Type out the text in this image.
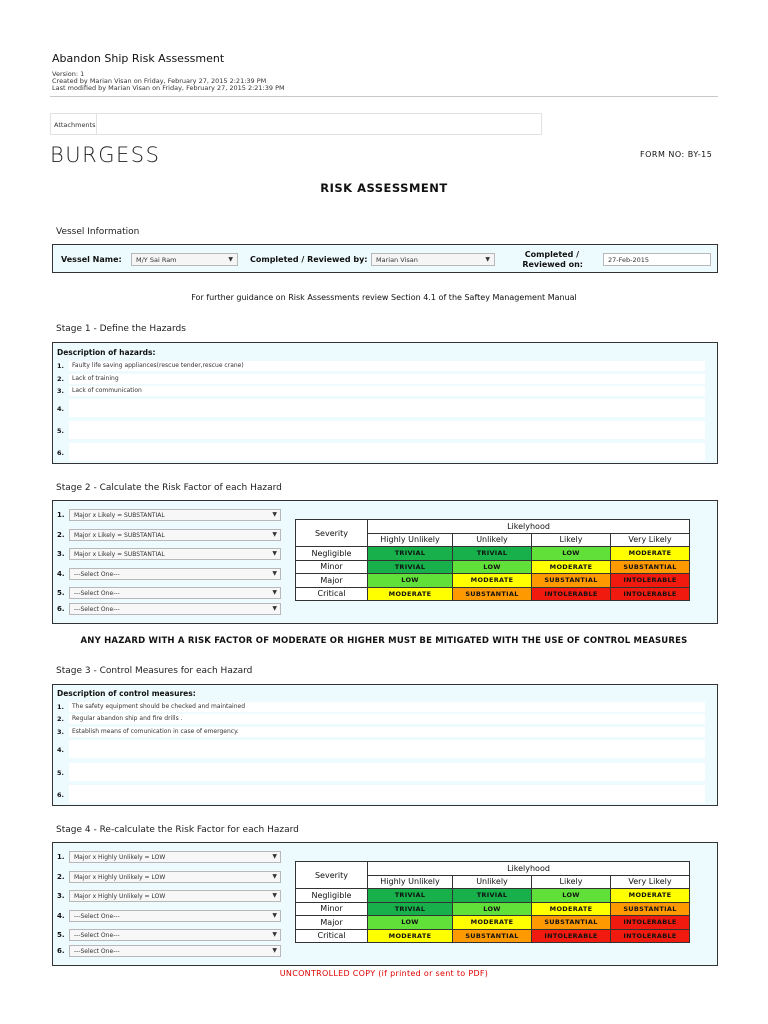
Abandon Ship Risk Assessment
Version: 1
Created by Marian Visan on Friday, February 27, 2015 2:21:39 PM
Last modified by Marian Visan on Friday, February 27, 2015 2:21:39 PM
Attachments
BURGESS	FORM NO: BY-15
RISK ASSESSMENT
Vessel Information
Vessel Name:	M/Y Sai Ram	▼ Completed / Reviewed by:	Marian Visan	▼
Completed /
Reviewed on:	27-Feb-2015
For further guidance on Risk Assessments review Section 4.1 of the Saftey Management Manual
Stage 1 - Define the Hazards
Description of hazards:
1.	Faulty life saving appliances(rescue tender,rescue crane)
2.	Lack of training
3.	Lack of communication
4.
5.
6.
Stage 2 - Calculate the Risk Factor of each Hazard
1.	Major x Likely = SUBSTANTIAL	▼
2.	Major x Likely = SUBSTANTIAL	▼
3.	Major x Likely = SUBSTANTIAL	▼
4.	---Select One---	▼
5.	---Select One---	▼
6.	---Select One---	▼
Severity	Likelyhood			
	Highly Unlikely	Unlikely	Likely	Very Likely
Negligible	TRIVIAL	TRIVIAL	LOW	MODERATE
Minor	TRIVIAL	LOW	MODERATE	SUBSTANTIAL
Major	LOW	MODERATE	SUBSTANTIAL	INTOLERABLE
Critical	MODERATE	SUBSTANTIAL	INTOLERABLE	INTOLERABLE
ANY HAZARD WITH A RISK FACTOR OF MODERATE OR HIGHER MUST BE MITIGATED WITH THE USE OF CONTROL MEASURES
Stage 3 - Control Measures for each Hazard
Description of control measures:
1.	The safety equipment should be checked and maintained
2.	Regular abandon ship and fire drills .
3.	Establish means of comunication in case of emergency.
4.
5.
6.
Stage 4 - Re-calculate the Risk Factor for each Hazard
1.	Major x Highly Unlikely = LOW	▼
2.	Major x Highly Unlikely = LOW	▼
3.	Major x Highly Unlikely = LOW	▼
4.	---Select One---	▼
5.	---Select One---	▼
6.	---Select One---	▼
Severity	Likelyhood			
	Highly Unlikely	Unlikely	Likely	Very Likely
Negligible	TRIVIAL	TRIVIAL	LOW	MODERATE
Minor	TRIVIAL	LOW	MODERATE	SUBSTANTIAL
Major	LOW	MODERATE	SUBSTANTIAL	INTOLERABLE
Critical	MODERATE	SUBSTANTIAL	INTOLERABLE	INTOLERABLE
UNCONTROLLED COPY (if printed or sent to PDF)
